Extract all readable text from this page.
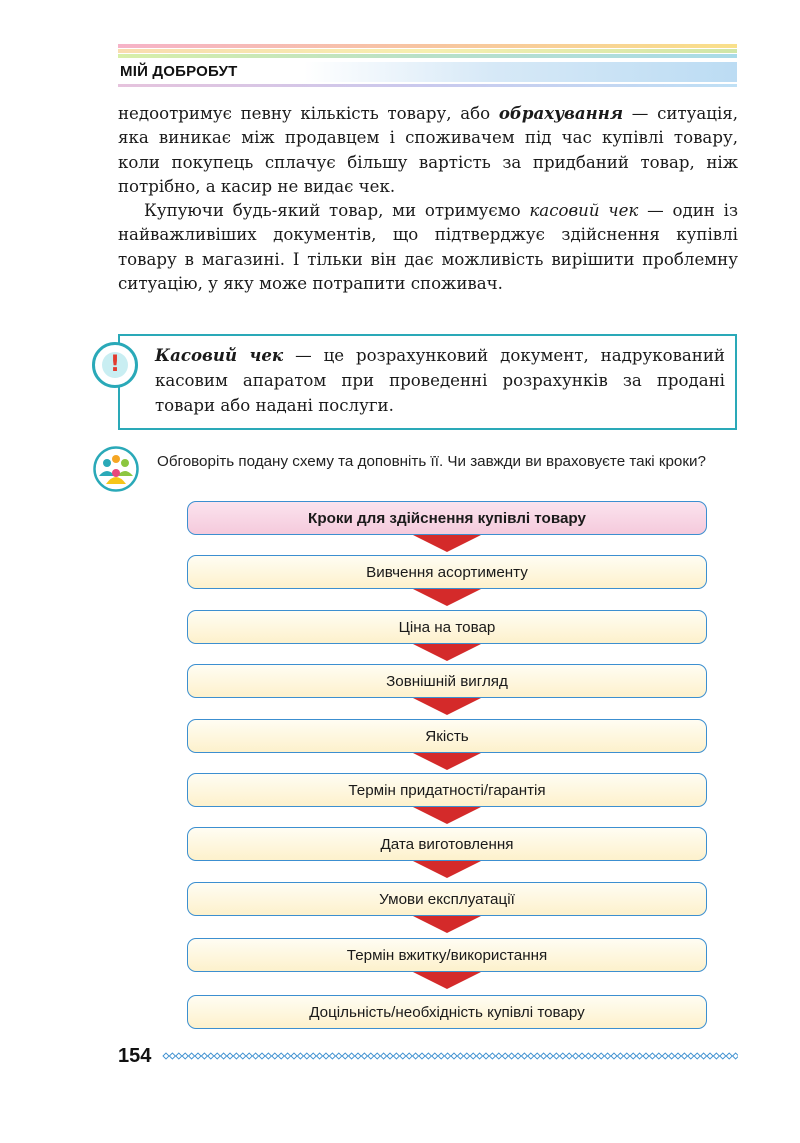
МІЙ ДОБРОБУТ

недоотримує певну кількість товару, або обрахування — ситуація, яка виникає між продавцем і споживачем під час купівлі товару, коли покупець сплачує більшу вартість за придбаний товар, ніж потрібно, а касир не видає чек.

Купуючи будь-який товар, ми отримуємо касовий чек — один із найважливіших документів, що підтверджує здійснення купівлі товару в магазині. І тільки він дає можливість вирішити проблемну ситуацію, у яку може потрапити споживач.

!	Касовий чек — це розрахунковий документ, надрукований касовим апаратом при проведенні розрахунків за продані товари або надані послуги.
Обговоріть подану схему та доповніть її. Чи завжди ви враховуєте такі кроки?
Кроки для здійснення купівлі товару
Вивчення асортименту
Ціна на товар
Зовнішній вигляд
Якість
Термін придатності/гарантія
Дата виготовлення
Умови експлуатації
Термін вжитку/використання
Доцільність/необхідність купівлі товару
154
